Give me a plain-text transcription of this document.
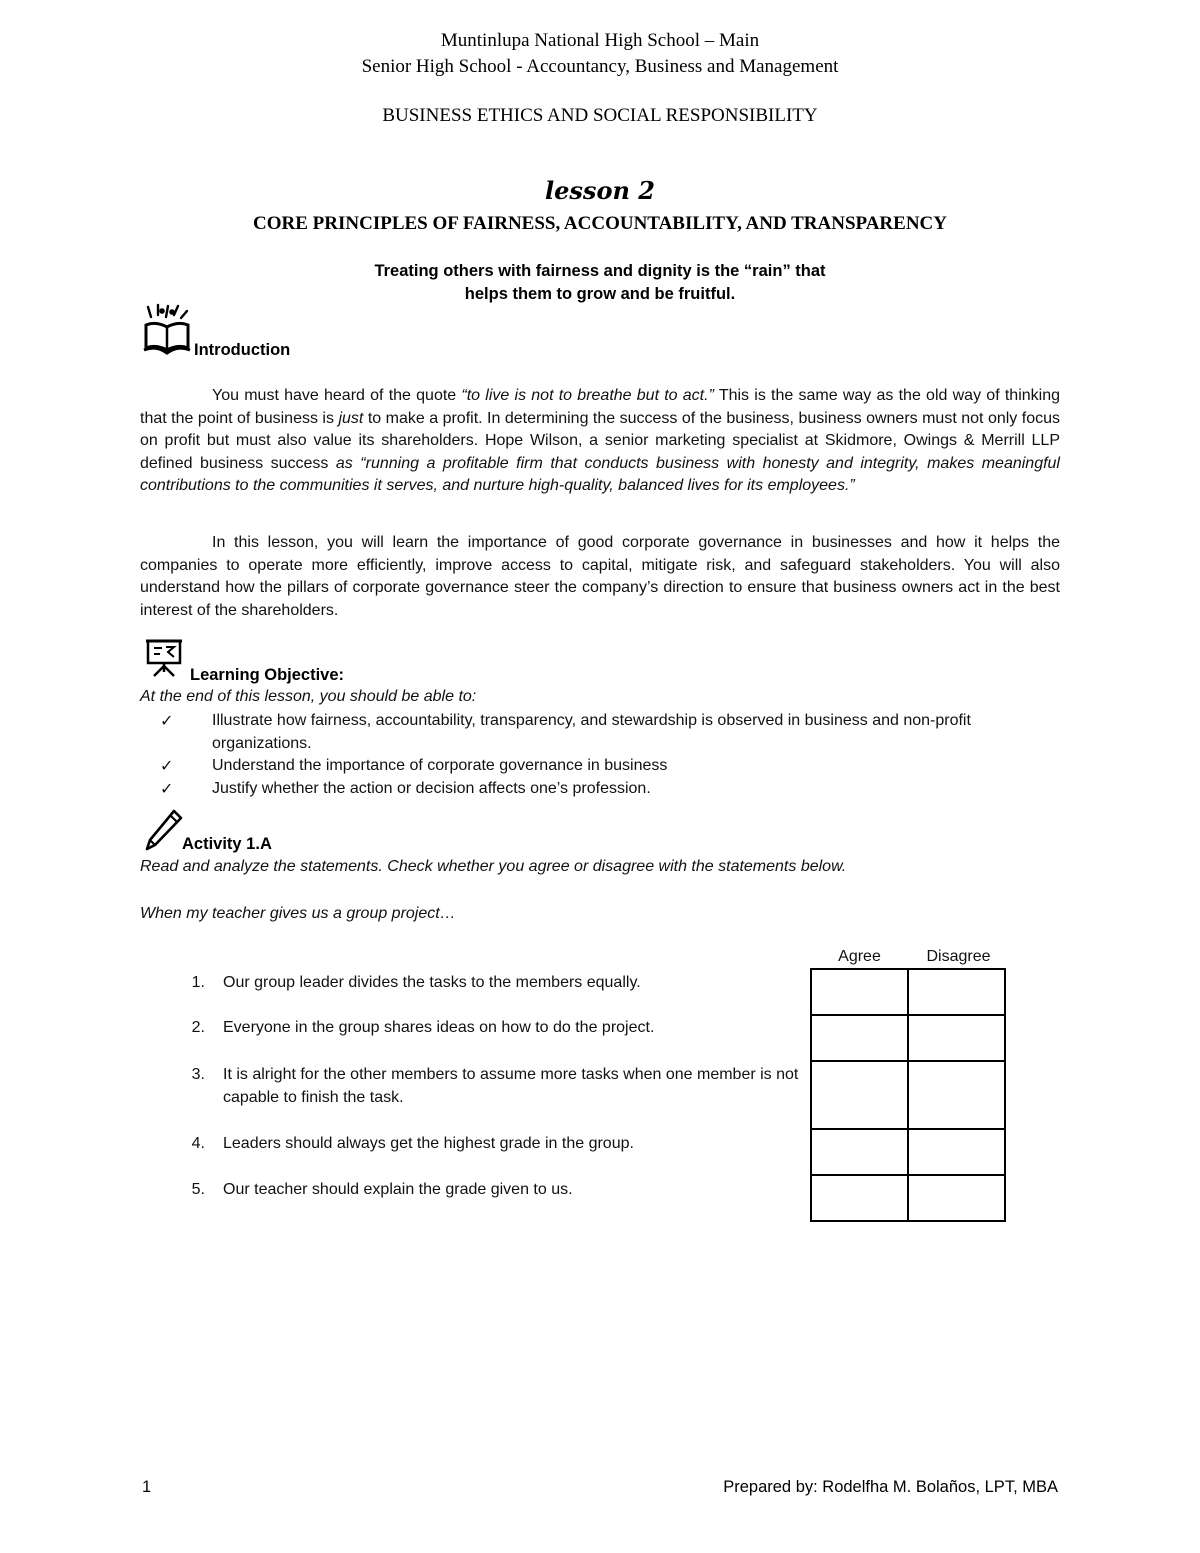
Muntinlupa National High School – Main
Senior High School - Accountancy, Business and Management
BUSINESS ETHICS AND SOCIAL RESPONSIBILITY
lesson 2
CORE PRINCIPLES OF FAIRNESS, ACCOUNTABILITY, AND TRANSPARENCY
Treating others with fairness and dignity is the “rain” that
helps them to grow and be fruitful.
Introduction

You must have heard of the quote “to live is not to breathe but to act.” This is the same way as the old way of thinking that the point of business is just to make a profit. In determining the success of the business, business owners must not only focus on profit but must also value its shareholders. Hope Wilson, a senior marketing specialist at Skidmore, Owings & Merrill LLP defined business success as “running a profitable firm that conducts business with honesty and integrity, makes meaningful contributions to the communities it serves, and nurture high-quality, balanced lives for its employees.”

In this lesson, you will learn the importance of good corporate governance in businesses and how it helps the companies to operate more efficiently, improve access to capital, mitigate risk, and safeguard stakeholders. You will also understand how the pillars of corporate governance steer the company’s direction to ensure that business owners act in the best interest of the shareholders.

Learning Objective:
At the end of this lesson, you should be able to:
✓ Illustrate how fairness, accountability, transparency, and stewardship is observed in business and non-profit organizations.
✓ Understand the importance of corporate governance in business
✓ Justify whether the action or decision affects one’s profession.
Activity 1.A
Read and analyze the statements. Check whether you agree or disagree with the statements below.
When my teacher gives us a group project…
Agree	Disagree
1. Our group leader divides the tasks to the members equally.
2. Everyone in the group shares ideas on how to do the project.
3. It is alright for the other members to assume more tasks when one member is not capable to finish the task.
4. Leaders should always get the highest grade in the group.
5. Our teacher should explain the grade given to us.

1	Prepared by: Rodelfha M. Bolaños, LPT, MBA
